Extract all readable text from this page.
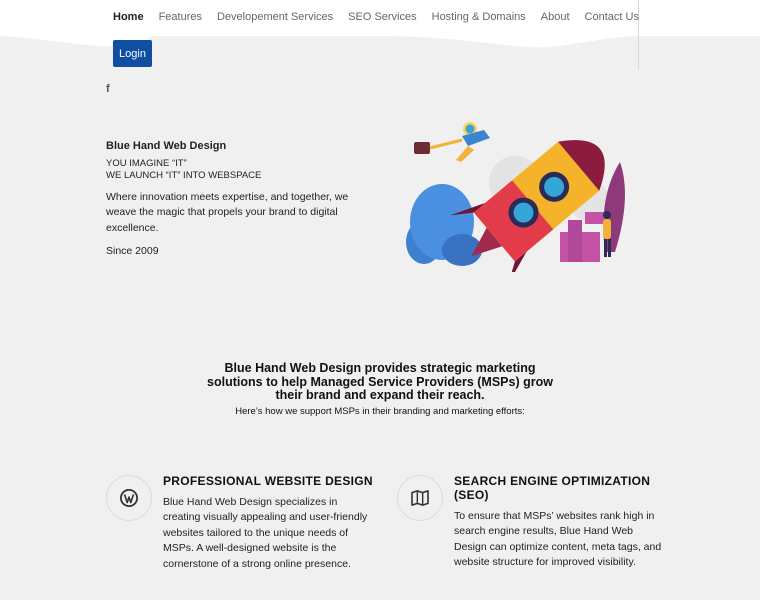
Home Features Developement Services SEO Services Hosting & Domains About Contact Us
Login
f
Blue Hand Web Design
YOU IMAGINE “IT”
WE LAUNCH “IT” INTO WEBSPACE
Where innovation meets expertise, and together, we weave the magic that propels your brand to digital excellence.
Since 2009
Blue Hand Web Design provides strategic marketing solutions to help Managed Service Providers (MSPs) grow their brand and expand their reach.
Here’s how we support MSPs in their branding and marketing efforts:
PROFESSIONAL WEBSITE DESIGN
Blue Hand Web Design specializes in creating visually appealing and user-friendly websites tailored to the unique needs of MSPs. A well-designed website is the cornerstone of a strong online presence.
SEARCH ENGINE OPTIMIZATION (SEO)
To ensure that MSPs’ websites rank high in search engine results, Blue Hand Web Design can optimize content, meta tags, and website structure for improved visibility.
